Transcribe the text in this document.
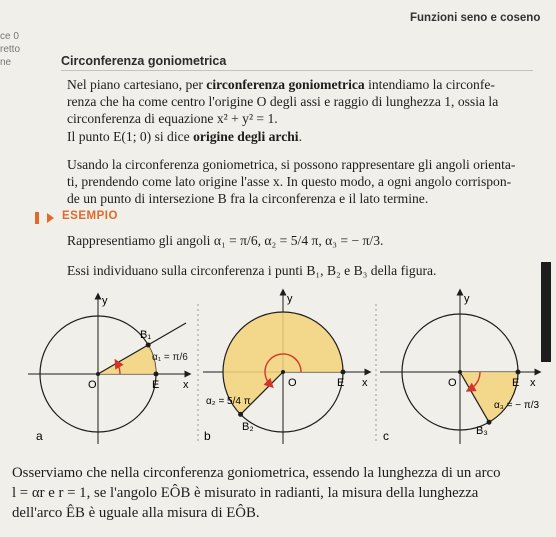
Funzioni seno e coseno
ce 0
retto
ne	Circonferenza goniometrica
Nel piano cartesiano, per circonferenza goniometrica intendiamo la circonfe-
renza che ha come centro l'origine O degli assi e raggio di lunghezza 1, ossia la
circonferenza di equazione x² + y² = 1.
Il punto E(1; 0) si dice origine degli archi.
Usando la circonferenza goniometrica, si possono rappresentare gli angoli orienta-
ti, prendendo come lato origine l'asse x. In questo modo, a ogni angolo corrispon-
de un punto di intersezione B fra la circonferenza e il lato termine.
ESEMPIO
Rappresentiamo gli angoli α₁ = π/6, α₂ = 5/4 π, α₃ = − π/3.
Essi individuano sulla circonferenza i punti B₁, B₂ e B₃ della figura.
y
x
O	E
B₁
α₁ = π/6
a
y
x
O	E
B₂
α₂ = 5/4 π
b
y
x
O	E
B₃
α₃ = − π/3
c
Osserviamo che nella circonferenza goniometrica, essendo la lunghezza di un arco
l = αr e r = 1, se l'angolo EÔB è misurato in radianti, la misura della lunghezza
dell'arco ÊB è uguale alla misura di EÔB.
